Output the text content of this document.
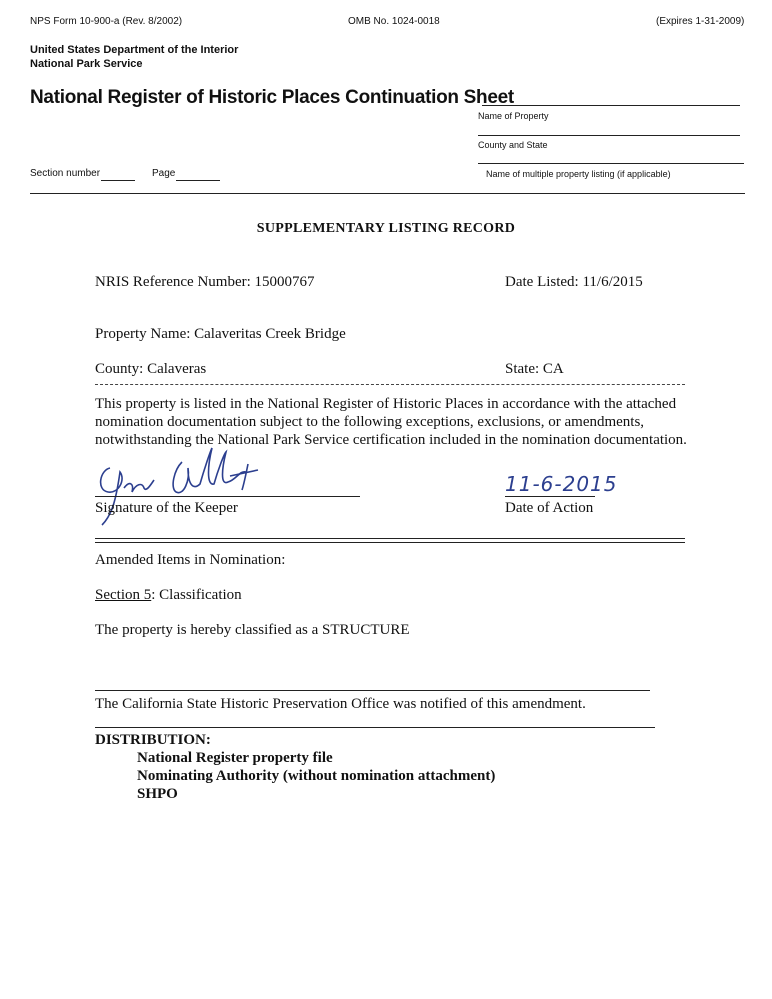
NPS Form 10-900-a (Rev. 8/2002)	OMB No. 1024-0018	(Expires 1-31-2009)
United States Department of the Interior
National Park Service
National Register of Historic Places Continuation Sheet
Name of Property
County and State
Name of multiple property listing (if applicable)
Section number	Page
SUPPLEMENTARY LISTING RECORD
NRIS Reference Number: 15000767	Date Listed: 11/6/2015
Property Name: Calaveritas Creek Bridge
County: Calaveras	State: CA
This property is listed in the National Register of Historic Places in accordance with the attached
nomination documentation subject to the following exceptions, exclusions, or amendments,
notwithstanding the National Park Service certification included in the nomination documentation.
Signature of the Keeper
11-6-2015
Date of Action
Amended Items in Nomination:
Section 5: Classification
The property is hereby classified as a STRUCTURE
The California State Historic Preservation Office was notified of this amendment.
DISTRIBUTION:
National Register property file
Nominating Authority (without nomination attachment)
SHPO
